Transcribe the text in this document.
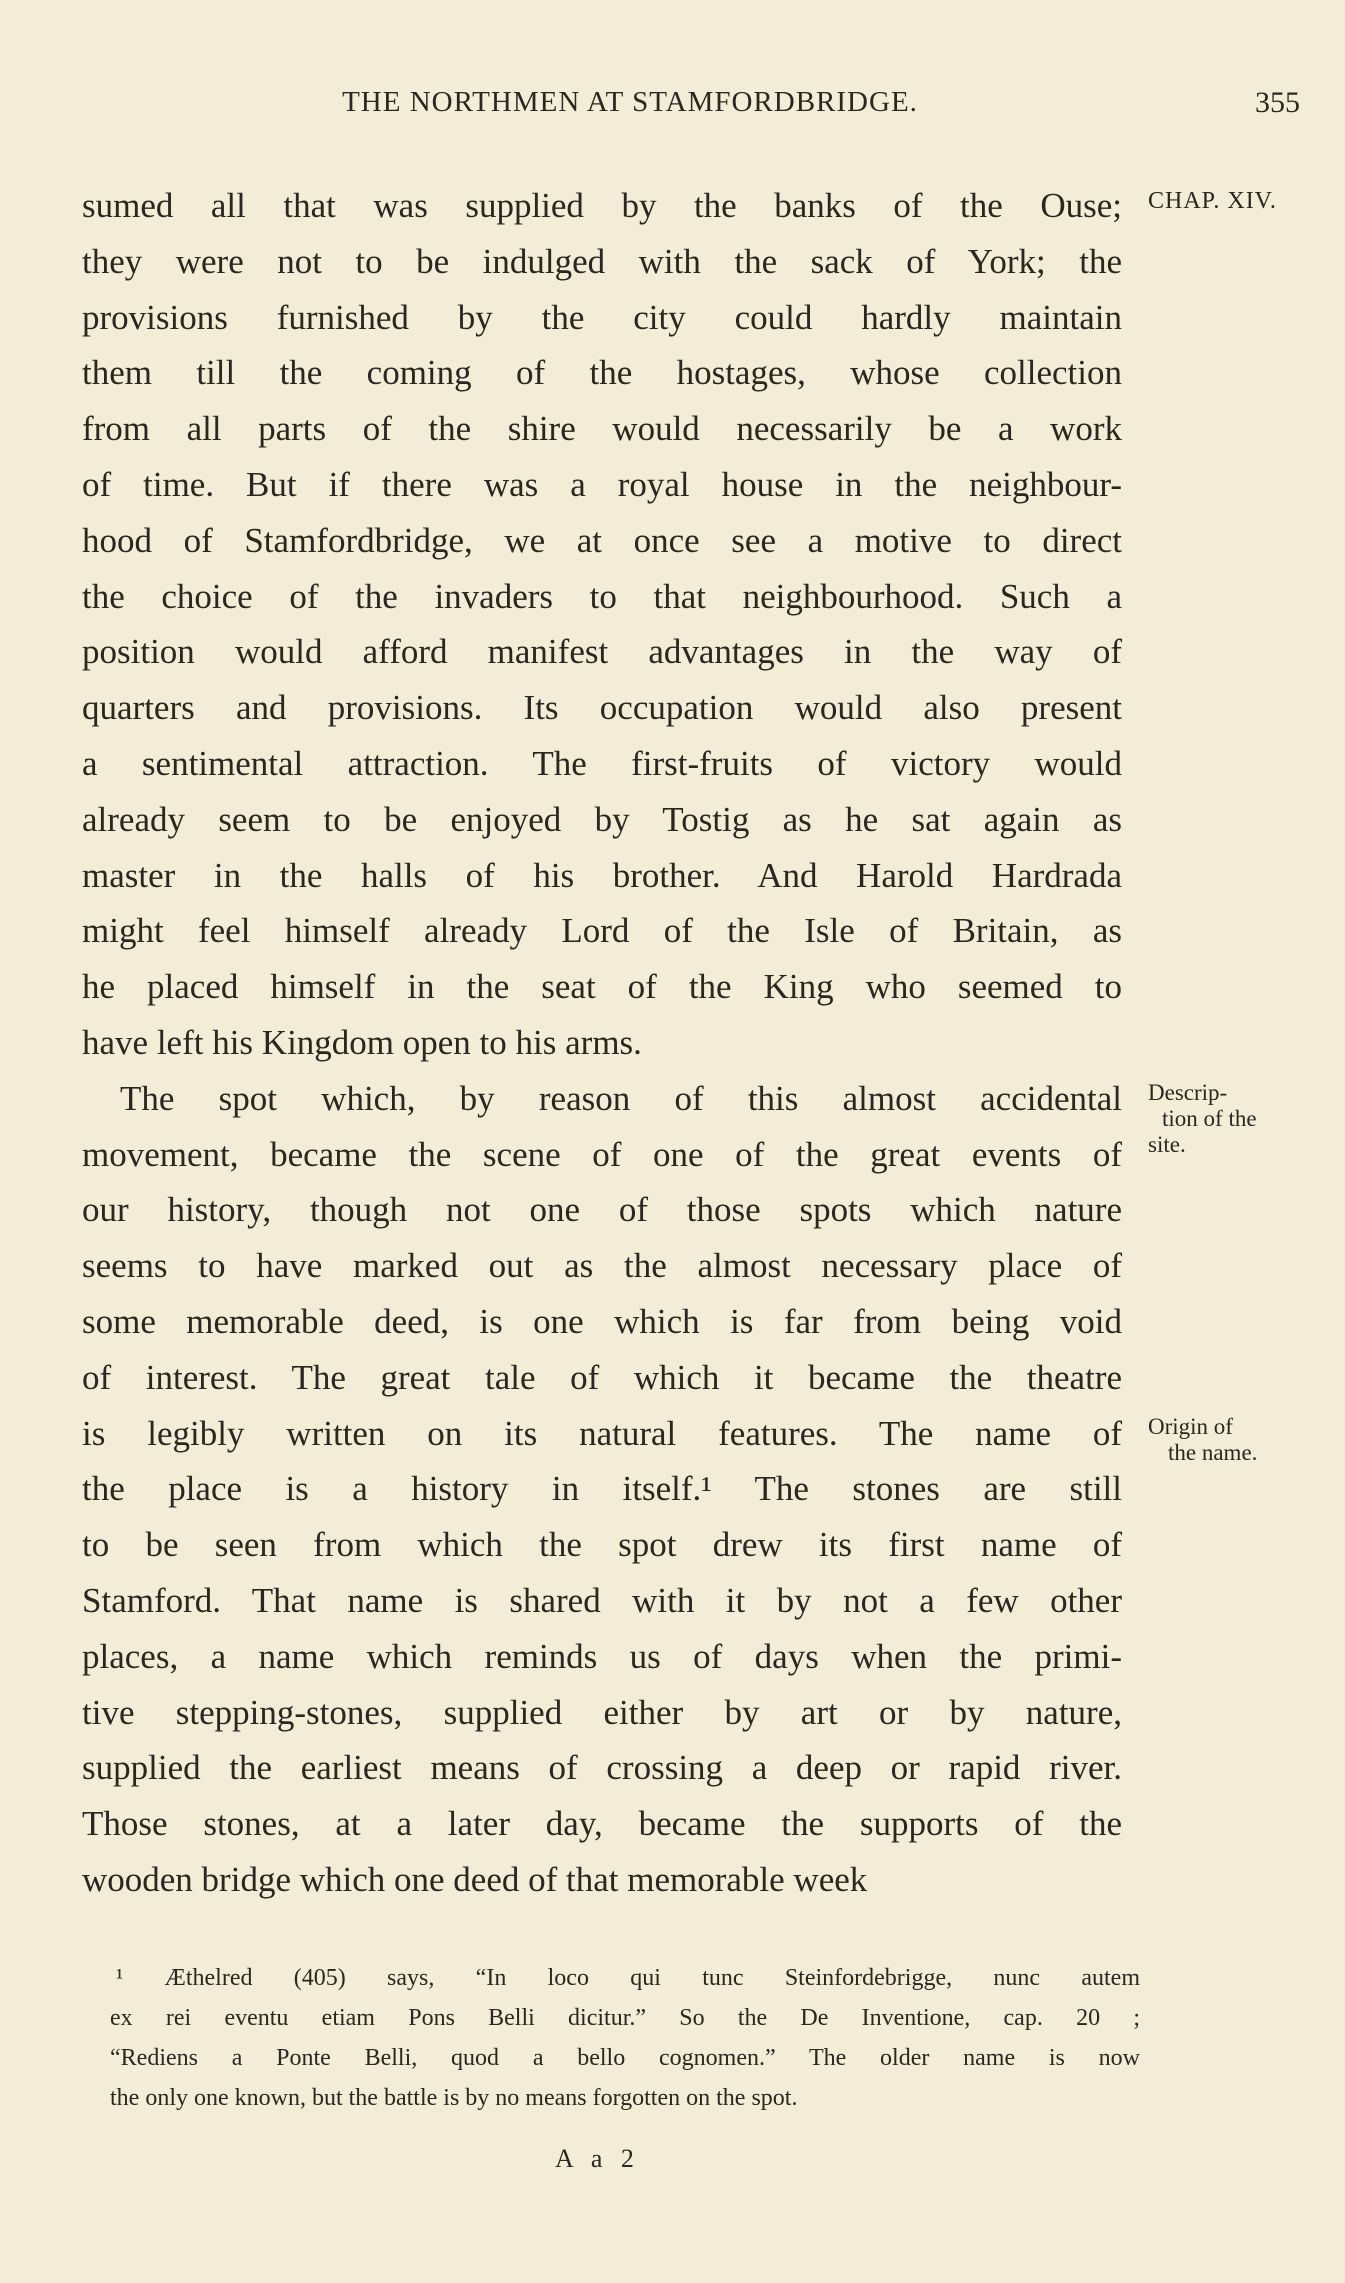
THE NORTHMEN AT STAMFORDBRIDGE.	355
sumed all that was supplied by the banks of the Ouse;
they were not to be indulged with the sack of York; the
provisions furnished by the city could hardly maintain
them till the coming of the hostages, whose collection
from all parts of the shire would necessarily be a work
of time. But if there was a royal house in the neighbour-
hood of Stamfordbridge, we at once see a motive to direct
the choice of the invaders to that neighbourhood. Such a
position would afford manifest advantages in the way of
quarters and provisions. Its occupation would also present
a sentimental attraction. The first-fruits of victory would
already seem to be enjoyed by Tostig as he sat again as
master in the halls of his brother. And Harold Hardrada
might feel himself already Lord of the Isle of Britain, as
he placed himself in the seat of the King who seemed to
have left his Kingdom open to his arms.
The spot which, by reason of this almost accidental
movement, became the scene of one of the great events of
our history, though not one of those spots which nature
seems to have marked out as the almost necessary place of
some memorable deed, is one which is far from being void
of interest. The great tale of which it became the theatre
is legibly written on its natural features. The name of
the place is a history in itself.¹ The stones are still
to be seen from which the spot drew its first name of
Stamford. That name is shared with it by not a few other
places, a name which reminds us of days when the primi-
tive stepping-stones, supplied either by art or by nature,
supplied the earliest means of crossing a deep or rapid river.
Those stones, at a later day, became the supports of the
wooden bridge which one deed of that memorable week
CHAP. XIV.
Descrip-
tion of the
site.
Origin of
the name.
¹ Æthelred (405) says, “In loco qui tunc Steinfordebrigge, nunc autem
ex rei eventu etiam Pons Belli dicitur.” So the De Inventione, cap. 20 ;
“Rediens a Ponte Belli, quod a bello cognomen.” The older name is now
the only one known, but the battle is by no means forgotten on the spot.
A a 2
